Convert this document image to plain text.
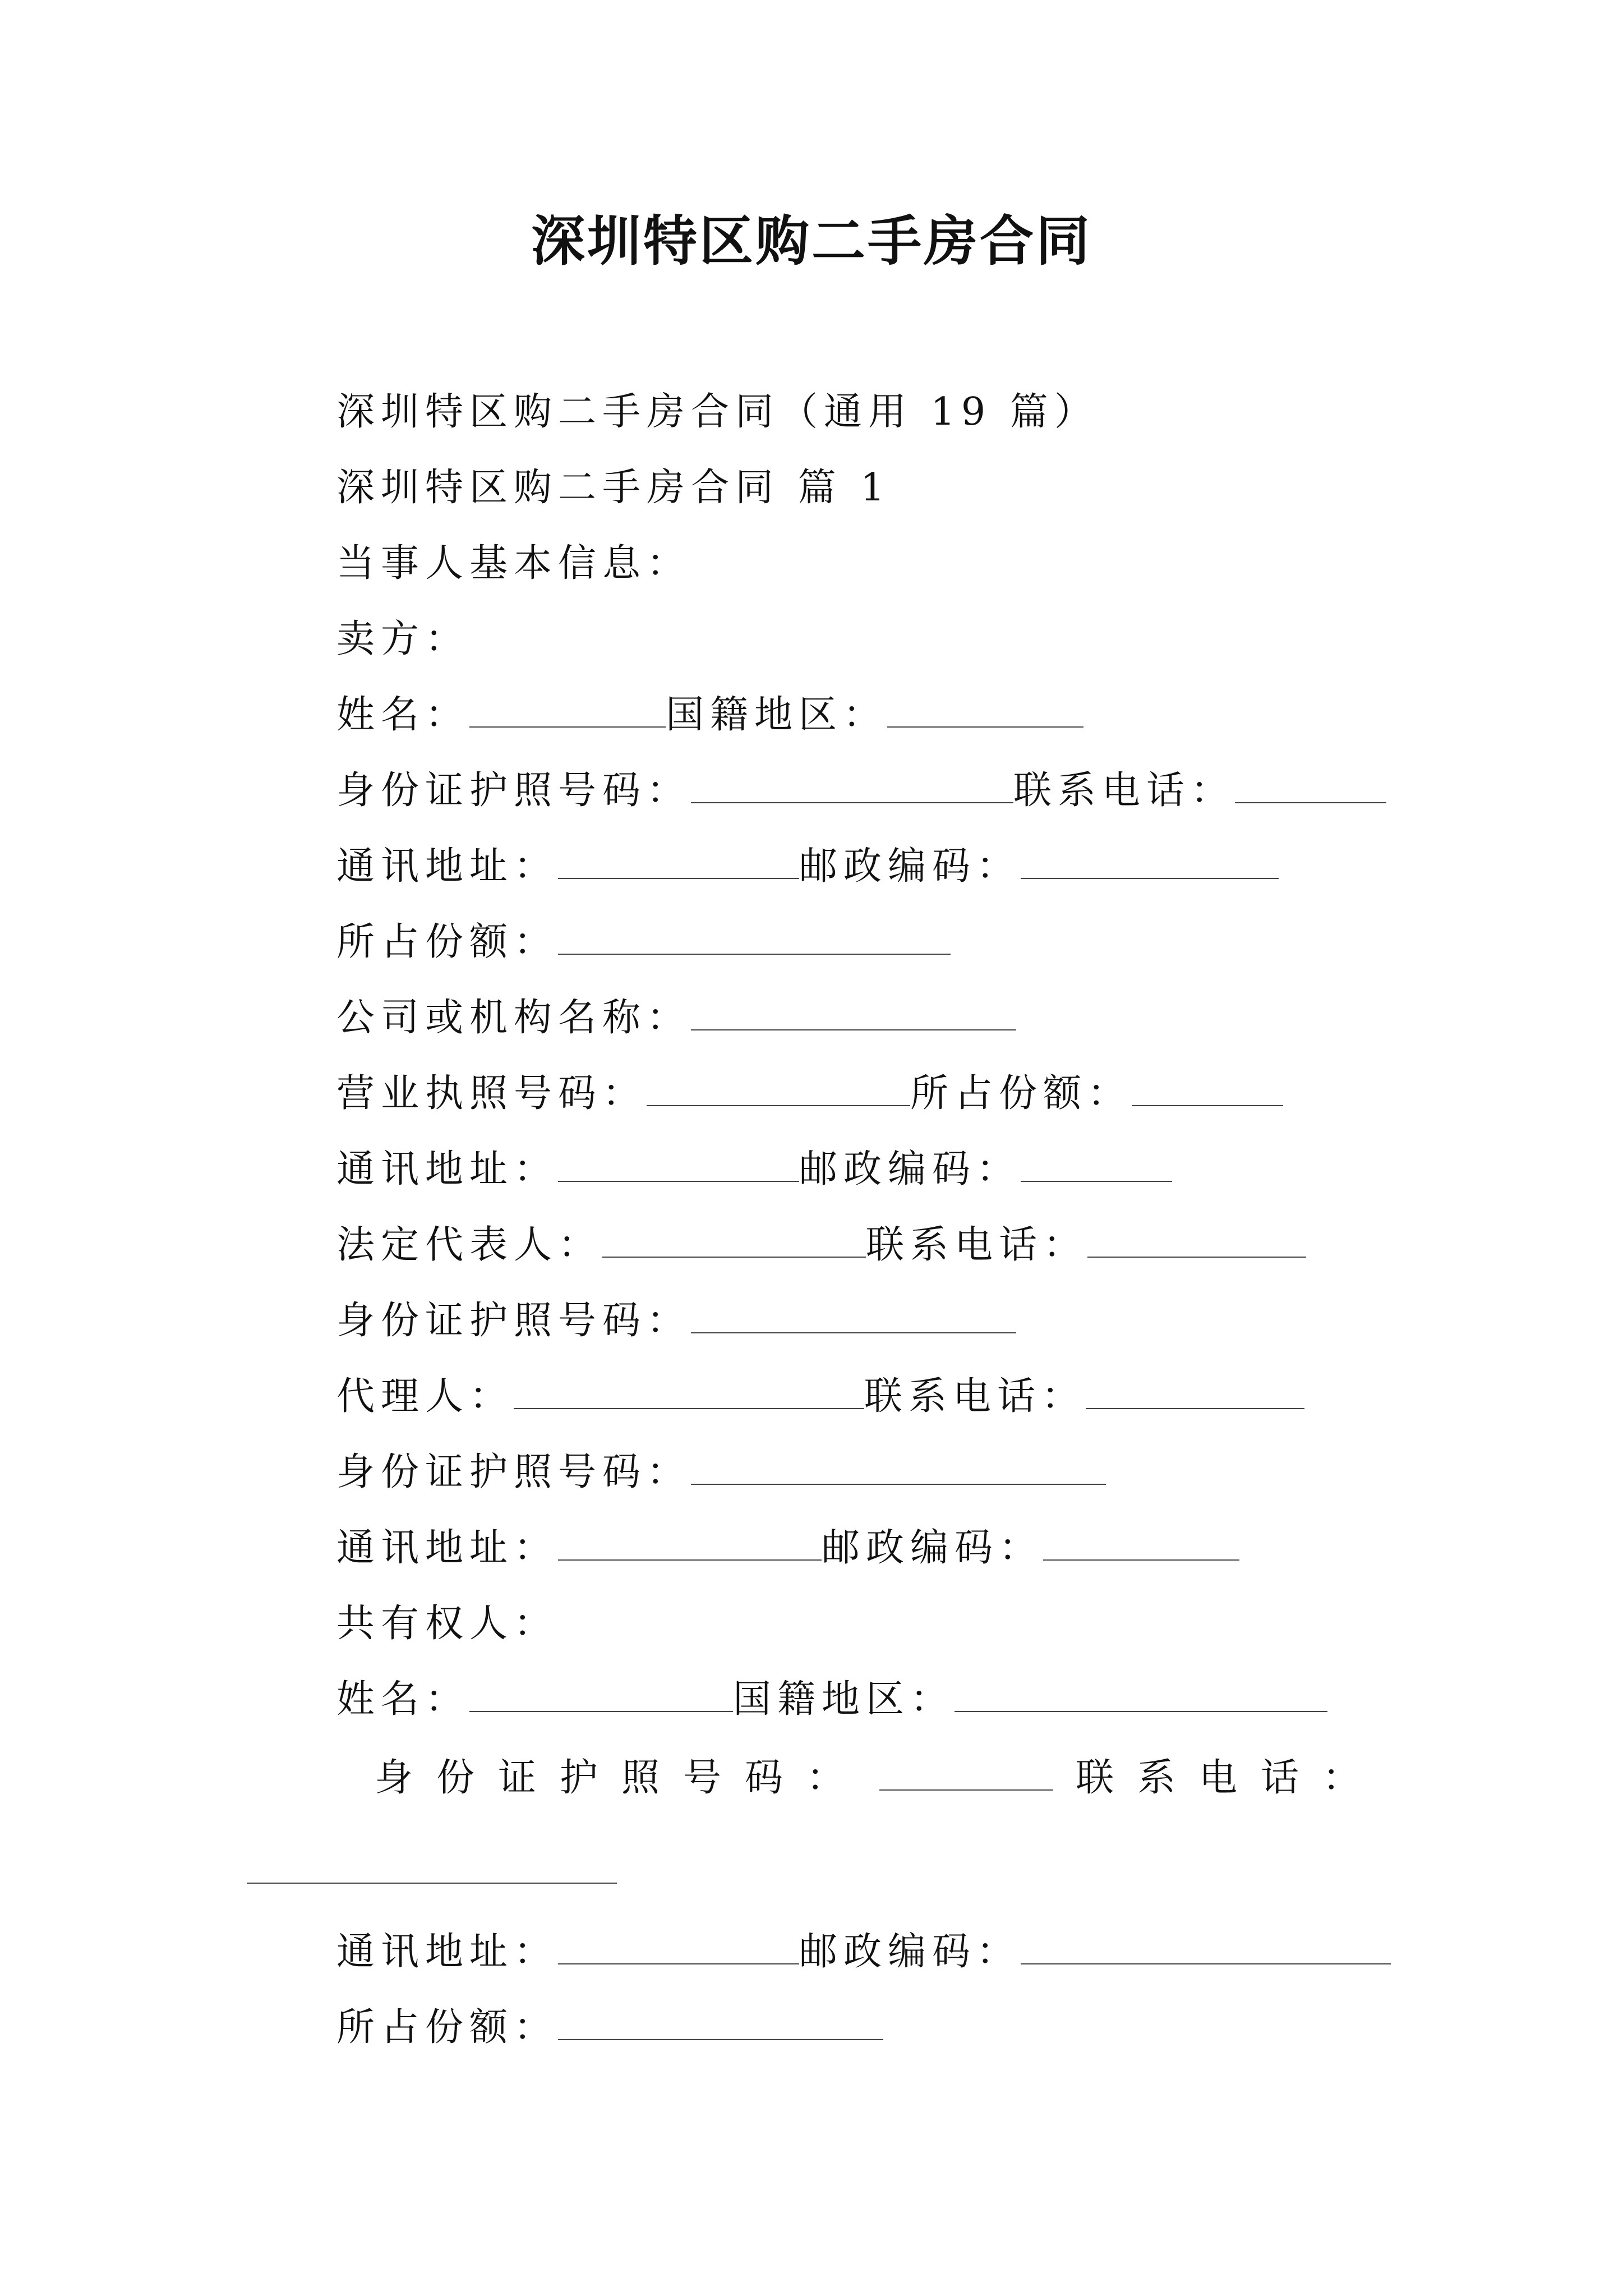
深圳特区购二手房合同
深圳特区购二手房合同（通用 19 篇）
深圳特区购二手房合同 篇 1
当事人基本信息：
卖方：
姓名：	国籍地区：
身份证护照号码：	联系电话：
通讯地址：	邮政编码：
所占份额：
公司或机构名称：
营业执照号码：	所占份额：
通讯地址：	邮政编码：
法定代表人：	联系电话：
身份证护照号码：
代理人：	联系电话：
身份证护照号码：
通讯地址：	邮政编码：
共有权人：
姓名：	国籍地区：
身份证护照号码：	联系电话：
通讯地址：	邮政编码：
所占份额：
